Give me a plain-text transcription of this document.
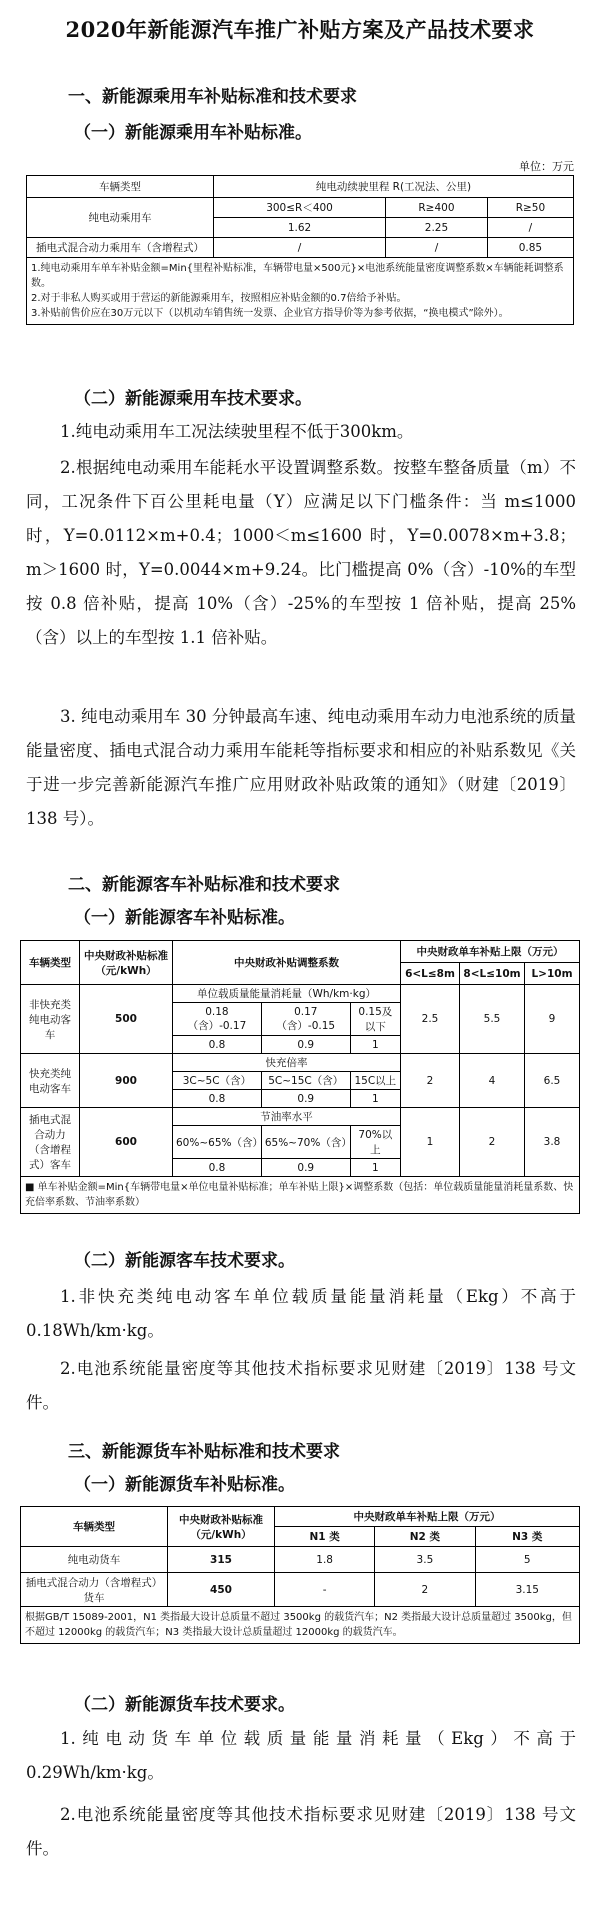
2020年新能源汽车推广补贴方案及产品技术要求
一、新能源乘用车补贴标准和技术要求
（一）新能源乘用车补贴标准。
单位：万元
车辆类型	纯电动续驶里程 R(工况法、公里)		
纯电动乘用车	300≤R＜400	R≥400	R≥50
	1.62	2.25	/
插电式混合动力乘用车（含增程式）	/	/	0.85

1.纯电动乘用车单车补贴金额=Min{里程补贴标准，车辆带电量×500元}×电池系统能量密度调整系数×车辆能耗调整系数。
2.对于非私人购买或用于营运的新能源乘用车，按照相应补贴金额的0.7倍给予补贴。
3.补贴前售价应在30万元以下（以机动车销售统一发票、企业官方指导价等为参考依据，“换电模式”除外）。			
（二）新能源乘用车技术要求。
1.纯电动乘用车工况法续驶里程不低于300km。
2.根据纯电动乘用车能耗水平设置调整系数。按整车整备质量（m）不同，工况条件下百公里耗电量（Y）应满足以下门槛条件：当 m≤1000 时，Y=0.0112×m+0.4；1000＜m≤1600 时，Y=0.0078×m+3.8；m＞1600 时，Y=0.0044×m+9.24。比门槛提高 0%（含）-10%的车型按 0.8 倍补贴，提高 10%（含）-25%的车型按 1 倍补贴，提高 25%（含）以上的车型按 1.1 倍补贴。
3. 纯电动乘用车 30 分钟最高车速、纯电动乘用车动力电池系统的质量能量密度、插电式混合动力乘用车能耗等指标要求和相应的补贴系数见《关于进一步完善新能源汽车推广应用财政补贴政策的通知》（财建〔2019〕138 号）。
二、新能源客车补贴标准和技术要求
（一）新能源客车补贴标准。
车辆类型	中央财政补贴标准（元/kWh）	中央财政补贴调整系数			中央财政单车补贴上限（万元）		
					6<L≤8m	8<L≤10m	L>10m
非快充类纯电动客车	500	单位载质量能量消耗量（Wh/km·kg）			2.5	5.5	9
		0.18（含）-0.17	0.17（含）-0.15	0.15及以下			
		0.8	0.9	1			
快充类纯电动客车	900	快充倍率			2	4	6.5
		3C~5C（含）	5C~15C（含）	15C以上			
		0.8	0.9	1			
插电式混合动力（含增程式）客车	600	节油率水平			1	2	3.8
		60%~65%（含）	65%~70%（含）	70%以上			
		0.8	0.9	1			
■ 单车补贴金额=Min{车辆带电量×单位电量补贴标准；单车补贴上限}×调整系数（包括：单位载质量能量消耗量系数、快充倍率系数、节油率系数）							
（二）新能源客车技术要求。
1.非快充类纯电动客车单位载质量能量消耗量（Ekg）不高于0.18Wh/km·kg。
2.电池系统能量密度等其他技术指标要求见财建〔2019〕138 号文件。
三、新能源货车补贴标准和技术要求
（一）新能源货车补贴标准。
车辆类型	中央财政补贴标准（元/kWh）	中央财政单车补贴上限（万元）		
		N1 类	N2 类	N3 类
纯电动货车	315	1.8	3.5	5
插电式混合动力（含增程式）货车	450	-	2	3.15
根据GB/T 15089-2001，N1 类指最大设计总质量不超过 3500kg 的载货汽车；N2 类指最大设计总质量超过 3500kg，但不超过 12000kg 的载货汽车；N3 类指最大设计总质量超过 12000kg 的载货汽车。				
（二）新能源货车技术要求。
1.纯电动货车单位载质量能量消耗量（Ekg）不高于0.29Wh/km·kg。
2.电池系统能量密度等其他技术指标要求见财建〔2019〕138 号文件。
